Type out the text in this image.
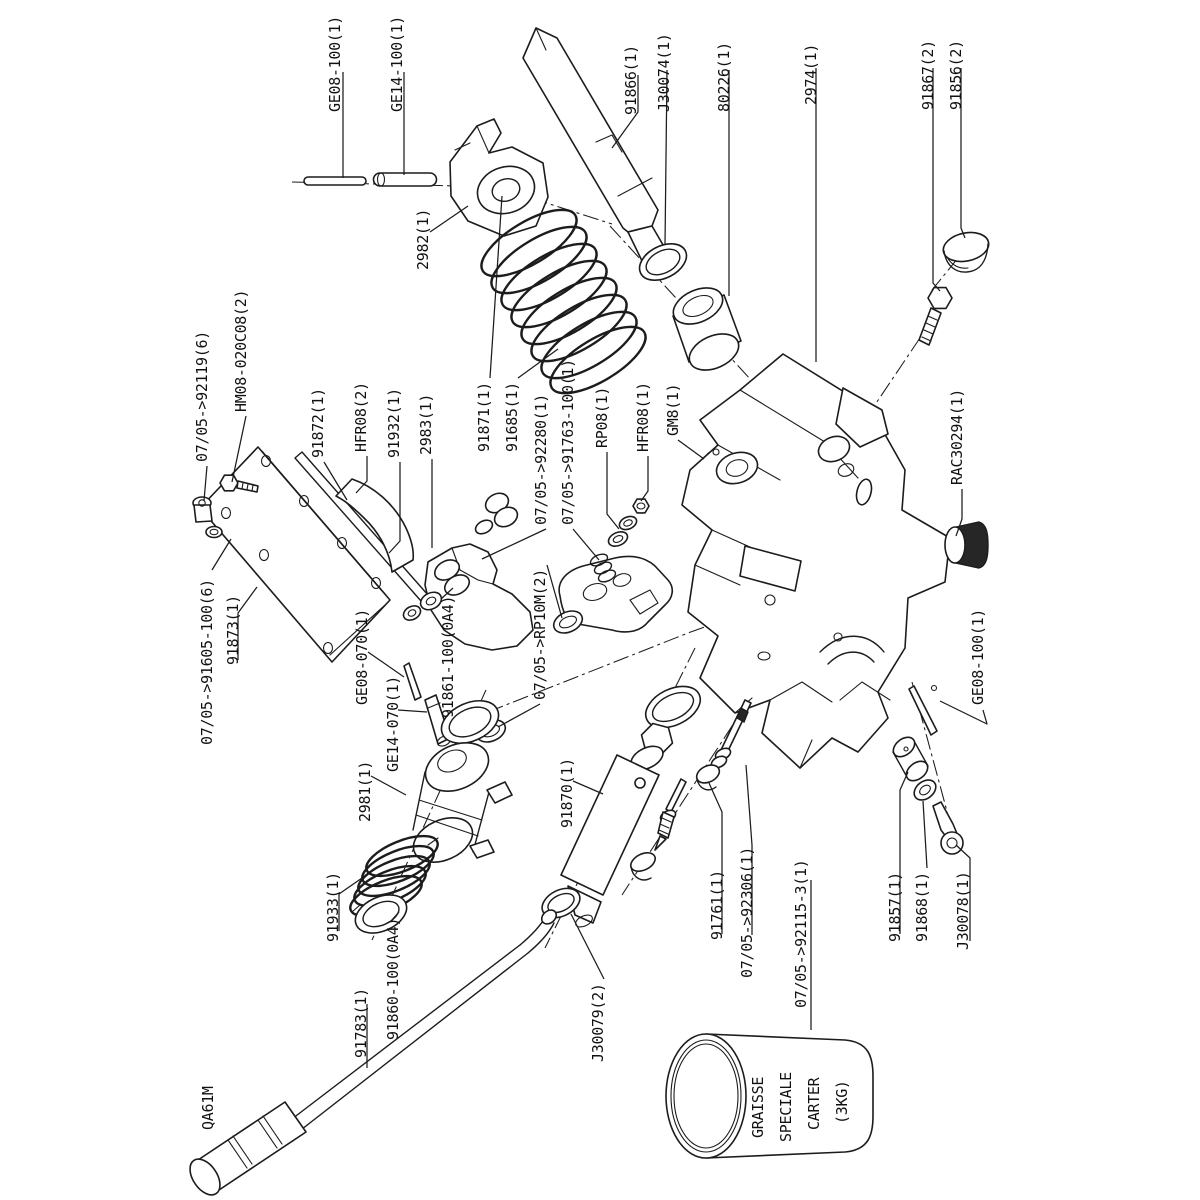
GE08-100(1)	GE14-100(1)
2982(1)
91866(1) J30074(1)	80226(1)	2974(1)	91867(2) 91856(2)
07/05->92119(6) HM08-020C08(2)
91872(1) HFR08(2) 91932(1) 2983(1)	91871(1) 91685(1) 07/05->92280(1) 07/05->91763-100(1) RP08(1) HFR08(1) GM8(1)	RAC30294(1)
07/05->91605-100(6) 91873(1)	GE08-070(1)
GE14-070(1)
91861-100(0A4)	07/05->RP10M(2)	GE08-100(1)
2981(1)	91870(1)
91933(1)	91761(1) 07/05->92306(1) 07/05->92115-3(1)	91857(1) 91868(1) J30078(1)
91783(1) 91860-100(0A4)	J30079(2)
QA61M	GRAISSE SPECIALE CARTER (3KG)
